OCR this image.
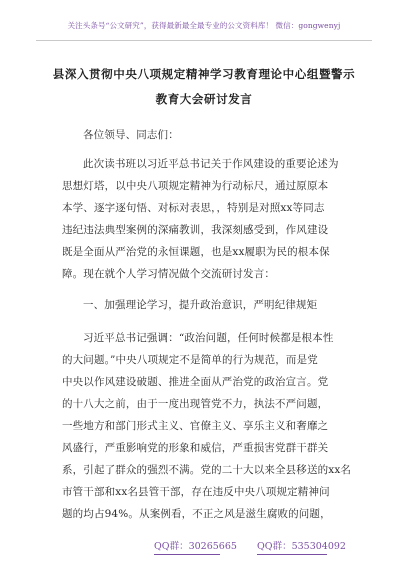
关注头条号“公文研究”，获得最新最全最专业的公文资料库！ 微信：gongwenyj
县深入贯彻中央八项规定精神学习教育理论中心组暨警示
教育大会研讨发言
各位领导、同志们：
此次读书班以习近平总书记关于作风建设的重要论述为
思想灯塔，以中央八项规定精神为行动标尺，通过原原本
本学、逐字逐句悟、对标对表思，，特别是对照xx等同志
违纪违法典型案例的深痛教训，我深刻感受到，作风建设
既是全面从严治党的永恒课题，也是xx履职为民的根本保
障。现在就个人学习情况做个交流研讨发言：
一、加强理论学习，提升政治意识，严明纪律规矩
习近平总书记强调：“政治问题，任何时候都是根本性
的大问题。”中央八项规定不是简单的行为规范，而是党
中央以作风建设破题、推进全面从严治党的政治宣言。党
的十八大之前，由于一度出现管党不力，执法不严问题，
一些地方和部门形式主义、官僚主义、享乐主义和奢靡之
风盛行，严重影响党的形象和威信，严重损害党群干群关
系，引起了群众的强烈不满。党的二十大以来全县移送的xx名
市管干部和xx名县管干部，存在违反中央八项规定精神问
题的均占94%。从案例看，不正之风是滋生腐败的问题，
QQ群：30265665 QQ群：535304092
